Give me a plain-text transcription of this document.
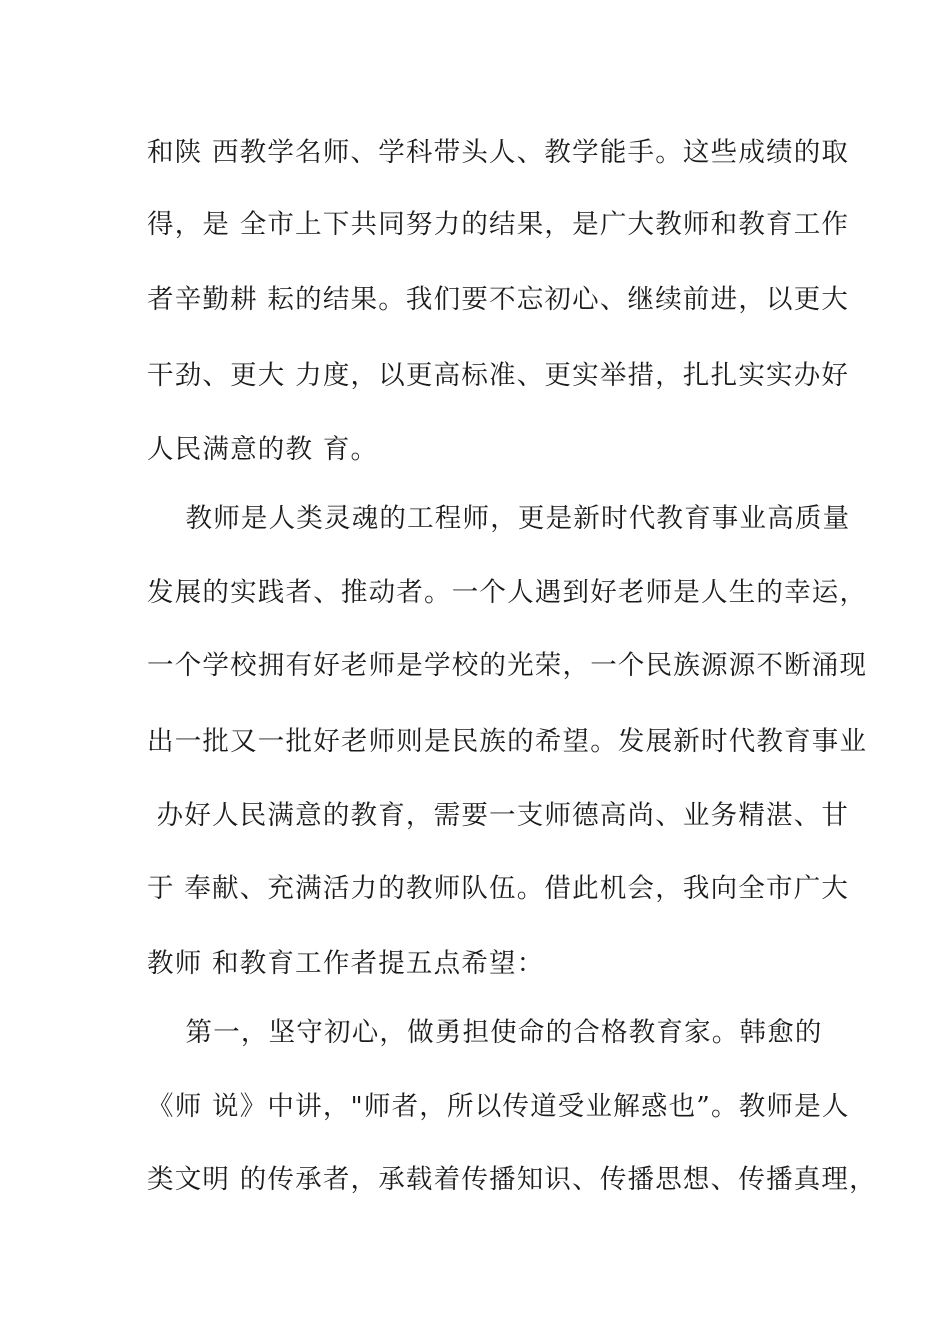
和陕 西教学名师、学科带头人、教学能手。这些成绩的取
得，是 全市上下共同努力的结果，是广大教师和教育工作
者辛勤耕 耘的结果。我们要不忘初心、继续前进，以更大
干劲、更大 力度，以更高标准、更实举措，扎扎实实办好
人民满意的教 育。
教师是人类灵魂的工程师，更是新时代教育事业高质量
发展的实践者、推动者。一个人遇到好老师是人生的幸运，
一个学校拥有好老师是学校的光荣，一个民族源源不断涌现
出一批又一批好老师则是民族的希望。发展新时代教育事业
办好人民满意的教育，需要一支师德高尚、业务精湛、甘
于 奉献、充满活力的教师队伍。借此机会，我向全市广大
教师 和教育工作者提五点希望：
第一，坚守初心，做勇担使命的合格教育家。韩愈的
《师 说》中讲，"师者，所以传道受业解惑也”。教师是人
类文明 的传承者，承载着传播知识、传播思想、传播真理，
